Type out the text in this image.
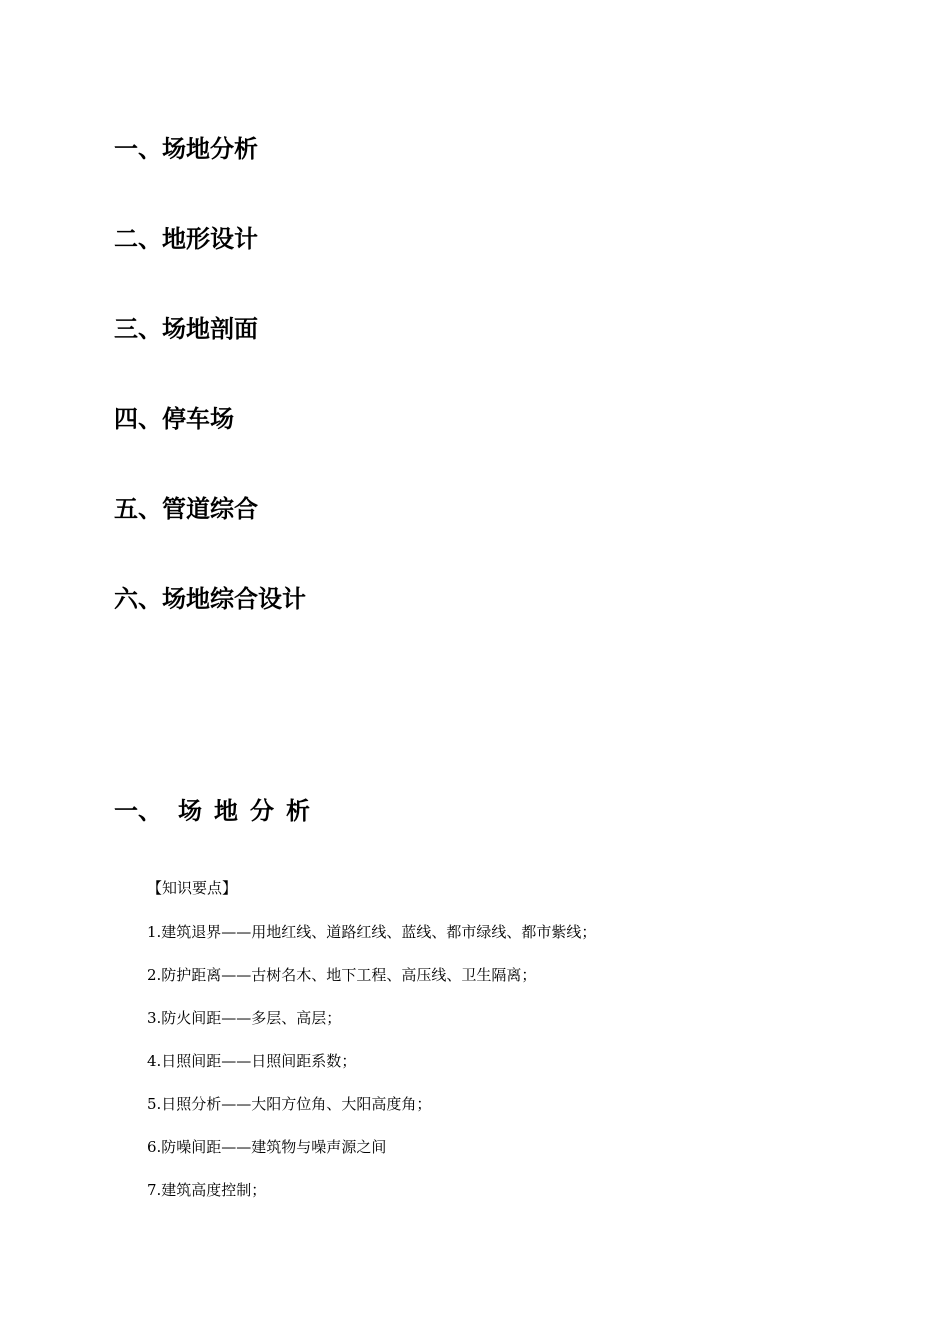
一、场地分析
二、地形设计
三、场地剖面
四、停车场
五、管道综合
六、场地综合设计
一、 场地分析

【知识要点】

1.建筑退界——用地红线、道路红线、蓝线、都市绿线、都市紫线；
2.防护距离——古树名木、地下工程、高压线、卫生隔离；
3.防火间距——多层、高层；
4.日照间距——日照间距系数；
5.日照分析——大阳方位角、大阳高度角；
6.防噪间距——建筑物与噪声源之间
7.建筑高度控制；
